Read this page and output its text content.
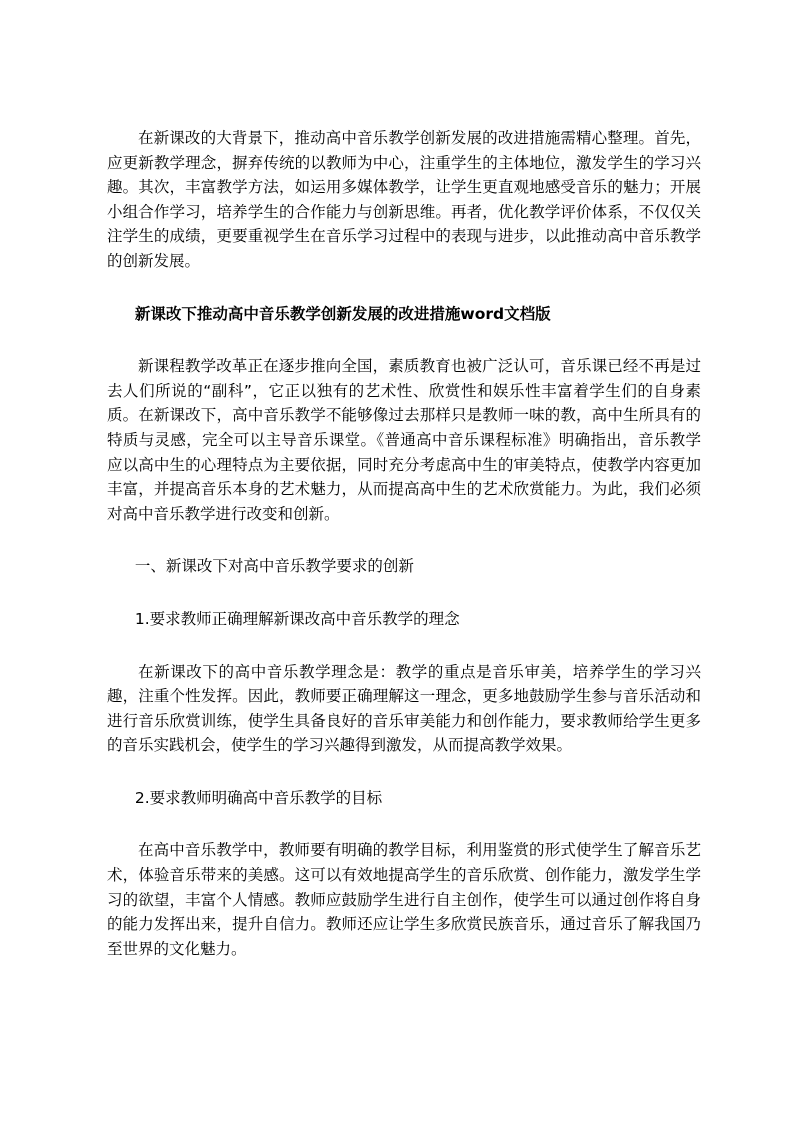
在新课改的大背景下，推动高中音乐教学创新发展的改进措施需精心整理。首先，应更新教学理念，摒弃传统的以教师为中心，注重学生的主体地位，激发学生的学习兴趣。其次，丰富教学方法，如运用多媒体教学，让学生更直观地感受音乐的魅力；开展小组合作学习，培养学生的合作能力与创新思维。再者，优化教学评价体系，不仅仅关注学生的成绩，更要重视学生在音乐学习过程中的表现与进步，以此推动高中音乐教学的创新发展。

新课改下推动高中音乐教学创新发展的改进措施word文档版

新课程教学改革正在逐步推向全国，素质教育也被广泛认可，音乐课已经不再是过去人们所说的“副科”，它正以独有的艺术性、欣赏性和娱乐性丰富着学生们的自身素质。在新课改下，高中音乐教学不能够像过去那样只是教师一味的教，高中生所具有的特质与灵感，完全可以主导音乐课堂。《普通高中音乐课程标准》明确指出，音乐教学应以高中生的心理特点为主要依据，同时充分考虑高中生的审美特点，使教学内容更加丰富，并提高音乐本身的艺术魅力，从而提高高中生的艺术欣赏能力。为此，我们必须对高中音乐教学进行改变和创新。

一、新课改下对高中音乐教学要求的创新

1.要求教师正确理解新课改高中音乐教学的理念

在新课改下的高中音乐教学理念是：教学的重点是音乐审美，培养学生的学习兴趣，注重个性发挥。因此，教师要正确理解这一理念，更多地鼓励学生参与音乐活动和进行音乐欣赏训练，使学生具备良好的音乐审美能力和创作能力，要求教师给学生更多的音乐实践机会，使学生的学习兴趣得到激发，从而提高教学效果。

2.要求教师明确高中音乐教学的目标

在高中音乐教学中，教师要有明确的教学目标，利用鉴赏的形式使学生了解音乐艺术，体验音乐带来的美感。这可以有效地提高学生的音乐欣赏、创作能力，激发学生学习的欲望，丰富个人情感。教师应鼓励学生进行自主创作，使学生可以通过创作将自身的能力发挥出来，提升自信力。教师还应让学生多欣赏民族音乐，通过音乐了解我国乃至世界的文化魅力。
